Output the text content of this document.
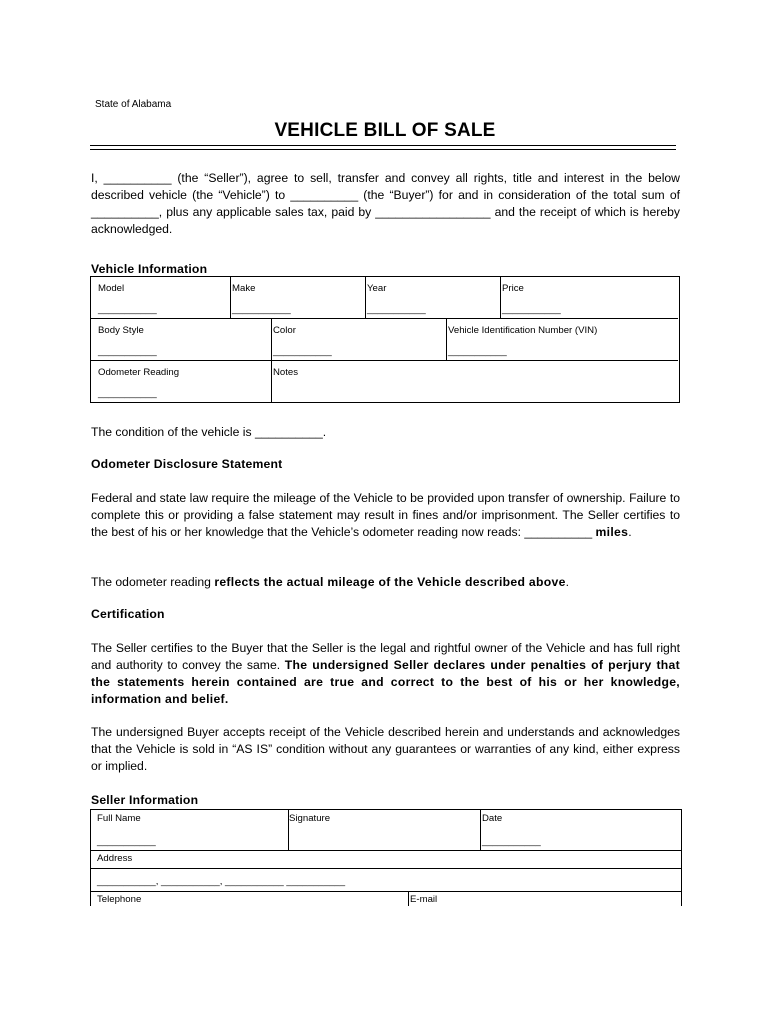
State of Alabama
VEHICLE BILL OF SALE
I, __________ (the “Seller”), agree to sell, transfer and convey all rights, title and interest in the below described vehicle (the “Vehicle”) to __________ (the “Buyer”) for and in consideration of the total sum of __________, plus any applicable sales tax, paid by _________________ and the receipt of which is hereby acknowledged.
Vehicle Information
Model
___________
Make
___________
Year
___________
Price
___________
Body Style
___________
Color
___________
Vehicle Identification Number (VIN)
___________
Odometer Reading
___________
Notes
The condition of the vehicle is __________.
Odometer Disclosure Statement
Federal and state law require the mileage of the Vehicle to be provided upon transfer of ownership. Failure to complete this or providing a false statement may result in fines and/or imprisonment. The Seller certifies to the best of his or her knowledge that the Vehicle’s odometer reading now reads: __________ miles.
The odometer reading reflects the actual mileage of the Vehicle described above.
Certification
The Seller certifies to the Buyer that the Seller is the legal and rightful owner of the Vehicle and has full right and authority to convey the same. The undersigned Seller declares under penalties of perjury that the statements herein contained are true and correct to the best of his or her knowledge, information and belief.
The undersigned Buyer accepts receipt of the Vehicle described herein and understands and acknowledges that the Vehicle is sold in “AS IS” condition without any guarantees or warranties of any kind, either express or implied.
Seller Information
Full Name
___________
Signature	Date
___________
Address
___________, ___________, ___________ ___________
Telephone	E-mail
